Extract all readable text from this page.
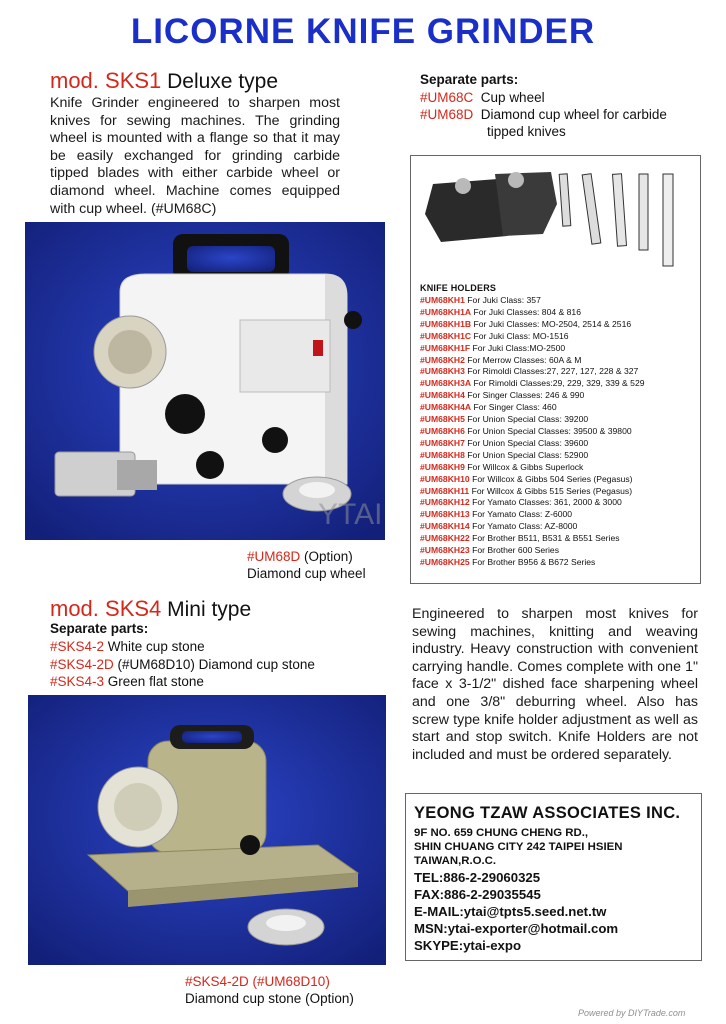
LICORNE KNIFE GRINDER
mod. SKS1 Deluxe type
Knife Grinder engineered to sharpen most knives for sewing machines. The grinding wheel is mounted with a flange so that it may be easily exchanged for grinding carbide tipped blades with either carbide wheel or diamond wheel. Machine comes equipped with cup wheel. (#UM68C)
#UM68D (Option)
Diamond cup wheel
Separate parts:
#UM68C Cup wheel
#UM68D Diamond cup wheel for carbide
tipped knives
KNIFE HOLDERS
#UM68KH1 For Juki Class: 357
#UM68KH1A For Juki Classes: 804 & 816
#UM68KH1B For Juki Classes: MO-2504, 2514 & 2516
#UM68KH1C For Juki Class: MO-1516
#UM68KH1F For Juki Class:MO-2500
#UM68KH2 For Merrow Classes: 60A & M
#UM68KH3 For Rimoldi Classes:27, 227, 127, 228 & 327
#UM68KH3A For Rimoldi Classes:29, 229, 329, 339 & 529
#UM68KH4 For Singer Classes: 246 & 990
#UM68KH4A For Singer Class: 460
#UM68KH5 For Union Special Class: 39200
#UM68KH6 For Union Special Classes: 39500 & 39800
#UM68KH7 For Union Special Class: 39600
#UM68KH8 For Union Special Class: 52900
#UM68KH9 For Willcox & Gibbs Superlock
#UM68KH10 For Willcox & Gibbs 504 Series (Pegasus)
#UM68KH11 For Willcox & Gibbs 515 Series (Pegasus)
#UM68KH12 For Yamato Classes: 361, 2000 & 3000
#UM68KH13 For Yamato Class: Z-6000
#UM68KH14 For Yamato Class: AZ-8000
#UM68KH22 For Brother B511, B531 & B551 Series
#UM68KH23 For Brother 600 Series
#UM68KH25 For Brother B956 & B672 Series
YTAI
mod. SKS4 Mini type
Separate parts:
#SKS4-2 White cup stone
#SKS4-2D (#UM68D10) Diamond cup stone
#SKS4-3 Green flat stone
#SKS4-2D (#UM68D10)
Diamond cup stone (Option)
Engineered to sharpen most knives for sewing machines, knitting and weaving industry. Heavy construction with convenient carrying handle. Comes complete with one 1" face x 3-1/2" dished face sharpening wheel and one 3/8" deburring wheel. Also has screw type knife holder adjustment as well as start and stop switch. Knife Holders are not included and must be ordered separately.
YEONG TZAW ASSOCIATES INC.
9F NO. 659 CHUNG CHENG RD.,
SHIN CHUANG CITY 242 TAIPEI HSIEN
TAIWAN,R.O.C.
TEL:886-2-29060325
FAX:886-2-29035545
E-MAIL:ytai@tpts5.seed.net.tw
MSN:ytai-exporter@hotmail.com
SKYPE:ytai-expo
Powered by DIYTrade.com
